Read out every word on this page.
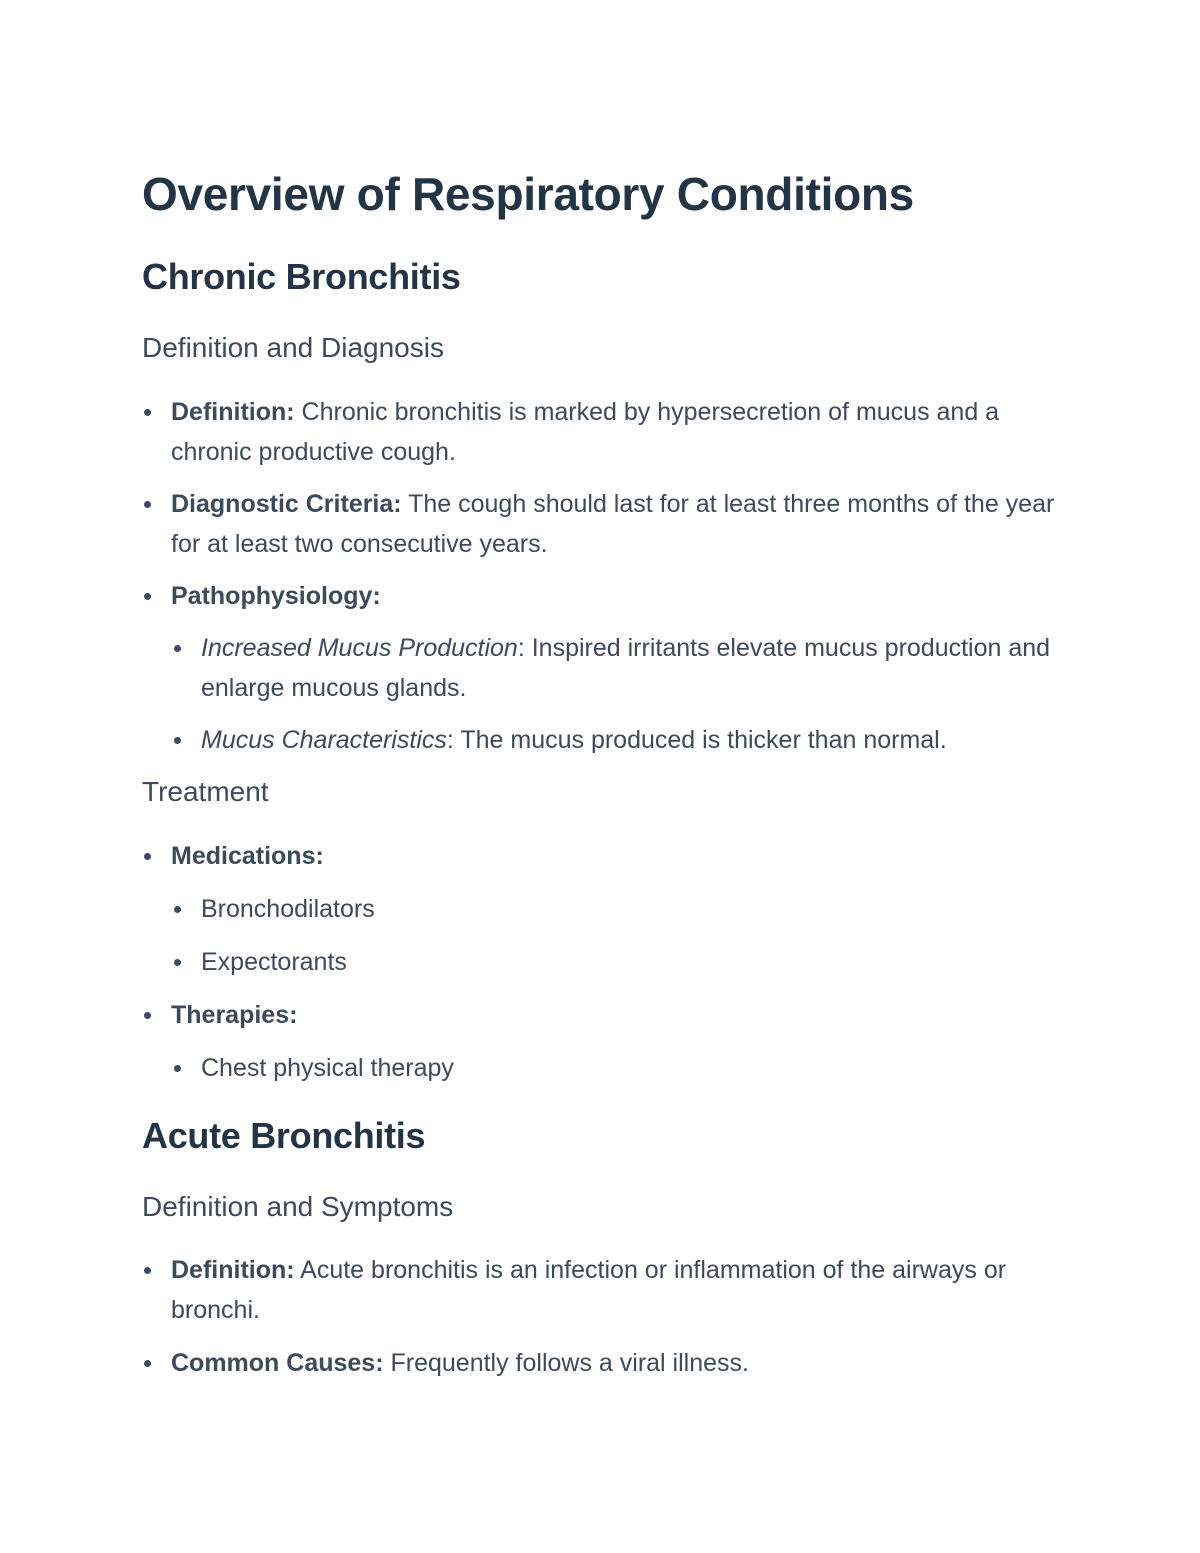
Overview of Respiratory Conditions
Chronic Bronchitis
Definition and Diagnosis
Definition: Chronic bronchitis is marked by hypersecretion of mucus and a chronic productive cough.
Diagnostic Criteria: The cough should last for at least three months of the year for at least two consecutive years.
Pathophysiology:
Increased Mucus Production: Inspired irritants elevate mucus production and enlarge mucous glands.
Mucus Characteristics: The mucus produced is thicker than normal.
Treatment
Medications:
Bronchodilators
Expectorants
Therapies:
Chest physical therapy
Acute Bronchitis
Definition and Symptoms
Definition: Acute bronchitis is an infection or inflammation of the airways or bronchi.
Common Causes: Frequently follows a viral illness.
